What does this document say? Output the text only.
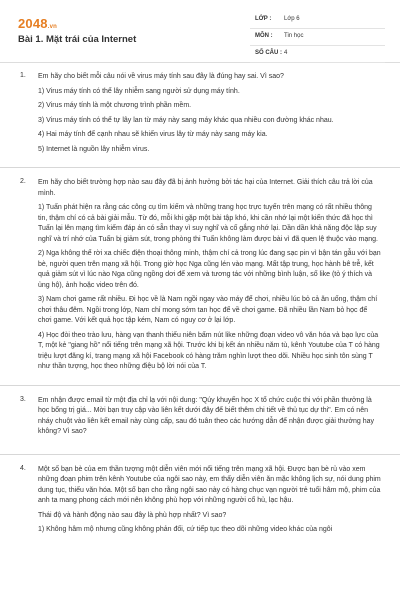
2048.vn
Bài 1. Mặt trái của Internet
LỚP : Lớp 6
MÔN : Tin học
SỐ CÂU : 4
1. Em hãy cho biết mỗi câu nói về virus máy tính sau đây là đúng hay sai. Vì sao?

1) Virus máy tính có thể lây nhiễm sang người sử dụng máy tính.

2) Virus máy tính là một chương trình phần mềm.

3) Virus máy tính có thể tự lây lan từ máy này sang máy khác qua nhiều con đường khác nhau.

4) Hai máy tính để cạnh nhau sẽ khiến virus lây từ máy này sang máy kia.

5) Internet là nguồn lây nhiễm virus.

2. Em hãy cho biết trường hợp nào sau đây đã bị ảnh hưởng bởi tác hại của Internet. Giải thích câu trả lời của mình.

1) Tuấn phát hiện ra rằng các công cụ tìm kiếm và những trang học trực tuyến trên mạng có rất nhiều thông tin, thậm chí có cả bài giải mẫu. Từ đó, mỗi khi gặp một bài tập khó, khi cần nhớ lại một kiến thức đã học thì Tuấn lại lên mạng tìm kiếm đáp án có sẵn thay vì suy nghĩ và cố gắng nhớ lại. Dần dần khả năng độc lập suy nghĩ và trí nhớ của Tuấn bị giảm sút, trong phòng thi Tuấn không làm được bài vì đã quen lệ thuộc vào mạng.

2) Nga không thể rời xa chiếc điện thoại thông minh, thậm chí cả trong lúc đang sạc pin vì bận tán gẫu với bạn bè, người quen trên mạng xã hội. Trong giờ học Nga cũng lén vào mạng. Mất tập trung, học hành bê trễ, kết quả giảm sút vì lúc nào Nga cũng ngồng dơi để xem và tương tác với những bình luận, số like (tỏ ý thích và ủng hộ), ảnh hoặc video trên đó.

3) Nam chơi game rất nhiều. Đi học về là Nam ngồi ngay vào máy để chơi, nhiều lúc bỏ cả ăn uống, thậm chí chơi thâu đêm. Ngồi trong lớp, Nam chỉ mong sớm tan học để về chơi game. Đã nhiều lần Nam bỏ học để chơi game. Với kết quả học tập kém, Nam có nguy cơ ở lại lớp.

4) Học đòi theo trào lưu, hàng vạn thanh thiếu niên bấm nút like những đoạn video vô văn hóa và bạo lực của T, một kẻ "giang hồ" nổi tiếng trên mạng xã hội. Trước khi bị kết án nhiều năm tù, kênh Youtube của T có hàng triệu lượt đăng kí, trang mạng xã hội Facebook có hàng trăm nghìn lượt theo dõi. Nhiều học sinh tôn sùng T như thần tượng, học theo những điệu bộ lời nói của T.

3. Em nhận được email từ một địa chỉ lạ với nội dung: "Qúy khuyến học X tổ chức cuộc thi với phần thưởng là học bổng trị giá... Mời bạn truy cập vào liên kết dưới đây để biết thêm chi tiết về thủ tục dự thi". Em có nên nháy chuột vào liên kết email này cùng cấp, sau đó tuân theo các hướng dẫn để nhận được giải thưởng hay không? Vì sao?

4. Một số bạn bè của em thần tượng một diễn viên mới nổi tiếng trên mạng xã hội. Được bạn bè rủ vào xem những đoạn phim trên kênh Youtube của ngôi sao này, em thấy diễn viên ăn mặc không lịch sự, nói dung phim dung tục, thiếu văn hóa. Một số bạn cho rằng ngôi sao này có hàng chục vạn người trẻ tuổi hâm mộ, phim của anh ta mang phong cách mới nên không phù hợp với những người cổ hủ, lạc hậu.

Thái độ và hành động nào sau đây là phù hợp nhất? Vì sao?

1) Không hâm mộ nhưng cũng không phản đối, cứ tiếp tục theo dõi những video khác của ngôi
